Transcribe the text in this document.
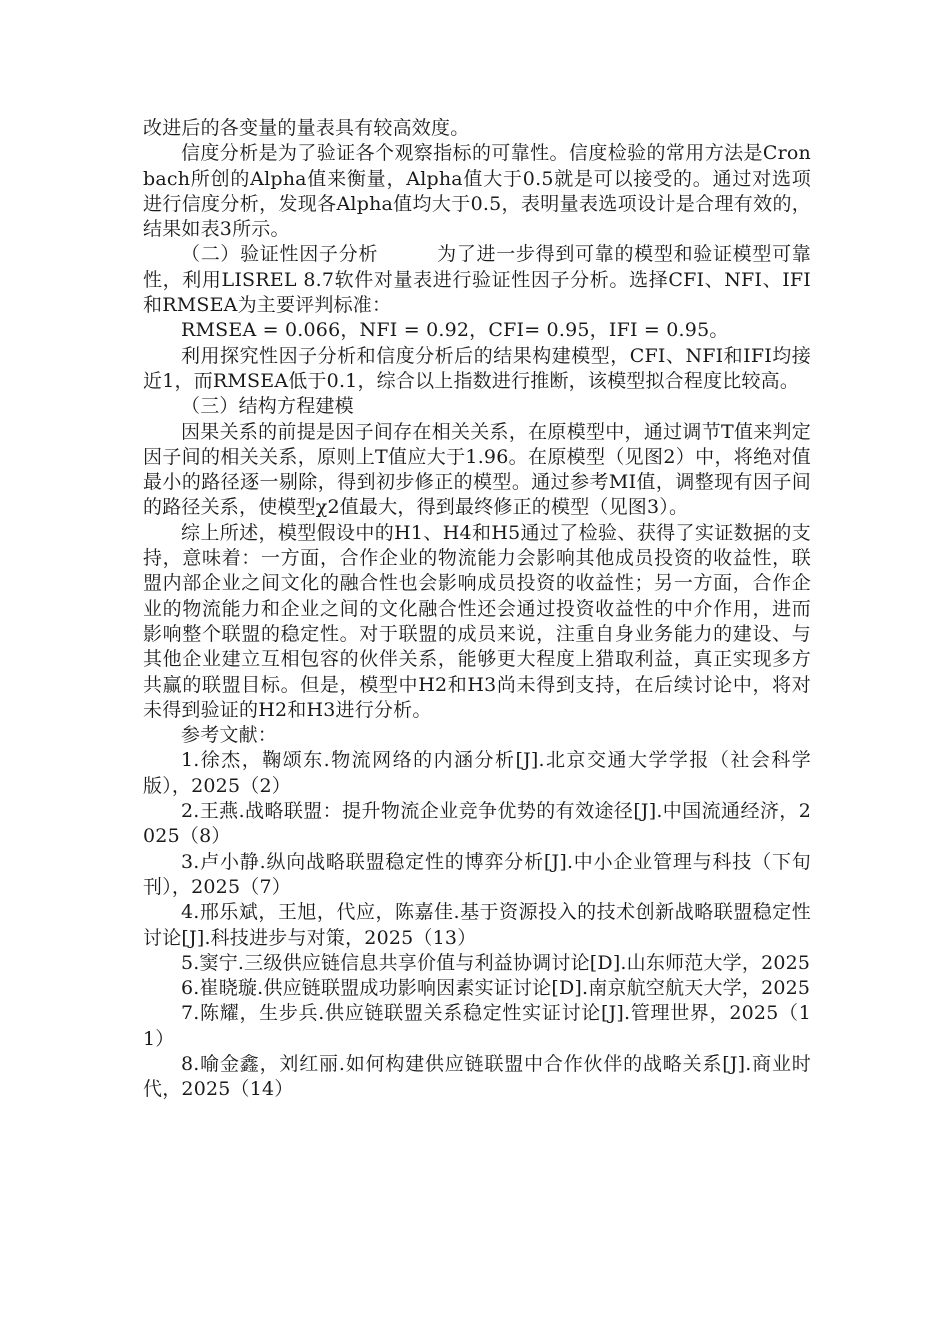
改进后的各变量的量表具有较高效度。

信度分析是为了验证各个观察指标的可靠性。信度检验的常用方法是Cronbach所创的Alpha值来衡量，Alpha值大于0.5就是可以接受的。通过对选项进行信度分析，发现各Alpha值均大于0.5，表明量表选项设计是合理有效的，结果如表3所示。

（二）验证性因子分析　　　为了进一步得到可靠的模型和验证模型可靠性，利用LISREL 8.7软件对量表进行验证性因子分析。选择CFI、NFI、IFI和RMSEA为主要评判标准：

RMSEA = 0.066，NFI = 0.92，CFI= 0.95，IFI = 0.95。

利用探究性因子分析和信度分析后的结果构建模型，CFI、NFI和IFI均接近1，而RMSEA低于0.1，综合以上指数进行推断，该模型拟合程度比较高。

（三）结构方程建模

因果关系的前提是因子间存在相关关系，在原模型中，通过调节T值来判定因子间的相关关系，原则上T值应大于1.96。在原模型（见图2）中，将绝对值最小的路径逐一剔除，得到初步修正的模型。通过参考MI值，调整现有因子间的路径关系，使模型χ2值最大，得到最终修正的模型（见图3）。

综上所述，模型假设中的H1、H4和H5通过了检验、获得了实证数据的支持，意味着：一方面，合作企业的物流能力会影响其他成员投资的收益性，联盟内部企业之间文化的融合性也会影响成员投资的收益性；另一方面，合作企业的物流能力和企业之间的文化融合性还会通过投资收益性的中介作用，进而影响整个联盟的稳定性。对于联盟的成员来说，注重自身业务能力的建设、与其他企业建立互相包容的伙伴关系，能够更大程度上猎取利益，真正实现多方共赢的联盟目标。但是，模型中H2和H3尚未得到支持，在后续讨论中，将对未得到验证的H2和H3进行分析。

参考文献：

1.徐杰，鞠颂东.物流网络的内涵分析[J].北京交通大学学报（社会科学版），2025（2）

2.王燕.战略联盟：提升物流企业竞争优势的有效途径[J].中国流通经济，2025（8）

3.卢小静.纵向战略联盟稳定性的博弈分析[J].中小企业管理与科技（下旬刊），2025（7）

4.邢乐斌，王旭，代应，陈嘉佳.基于资源投入的技术创新战略联盟稳定性讨论[J].科技进步与对策，2025（13）

5.窦宁.三级供应链信息共享价值与利益协调讨论[D].山东师范大学，2025

6.崔晓璇.供应链联盟成功影响因素实证讨论[D].南京航空航天大学，2025

7.陈耀，生步兵.供应链联盟关系稳定性实证讨论[J].管理世界，2025（11）

8.喻金鑫，刘红丽.如何构建供应链联盟中合作伙伴的战略关系[J].商业时代，2025（14）
